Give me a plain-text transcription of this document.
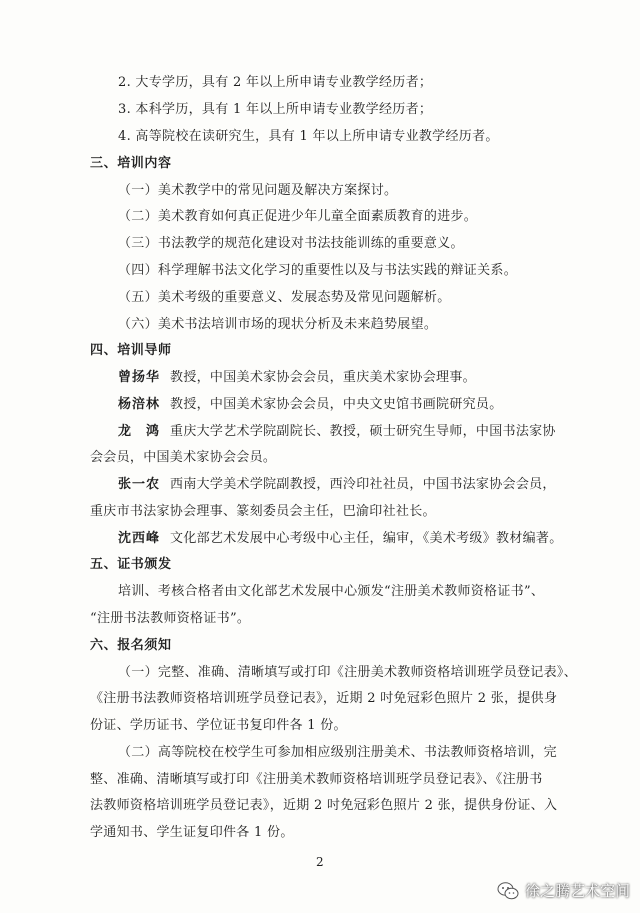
2. 大专学历，具有 2 年以上所申请专业教学经历者；
3. 本科学历，具有 1 年以上所申请专业教学经历者；
4. 高等院校在读研究生，具有 1 年以上所申请专业教学经历者。
三、培训内容
（一）美术教学中的常见问题及解决方案探讨。
（二）美术教育如何真正促进少年儿童全面素质教育的进步。
（三）书法教学的规范化建设对书法技能训练的重要意义。
（四）科学理解书法文化学习的重要性以及与书法实践的辩证关系。
（五）美术考级的重要意义、发展态势及常见问题解析。
（六）美术书法培训市场的现状分析及未来趋势展望。
四、培训导师
曾扬华 教授，中国美术家协会会员，重庆美术家协会理事。
杨涪林 教授，中国美术家协会会员，中央文史馆书画院研究员。
龙　鸿 重庆大学艺术学院副院长、教授，硕士研究生导师，中国书法家协
会会员，中国美术家协会会员。
张一农 西南大学美术学院副教授，西泠印社社员，中国书法家协会会员，
重庆市书法家协会理事、篆刻委员会主任，巴渝印社社长。
沈西峰 文化部艺术发展中心考级中心主任，编审，《美术考级》教材编著。
五、证书颁发
培训、考核合格者由文化部艺术发展中心颁发“注册美术教师资格证书”、
“注册书法教师资格证书”。
六、报名须知
（一）完整、准确、清晰填写或打印《注册美术教师资格培训班学员登记表》、
《注册书法教师资格培训班学员登记表》，近期 2 吋免冠彩色照片 2 张，提供身
份证、学历证书、学位证书复印件各 1 份。
（二）高等院校在校学生可参加相应级别注册美术、书法教师资格培训，完
整、准确、清晰填写或打印《注册美术教师资格培训班学员登记表》、《注册书
法教师资格培训班学员登记表》，近期 2 吋免冠彩色照片 2 张，提供身份证、入
学通知书、学生证复印件各 1 份。
2
徐之腾艺术空间
